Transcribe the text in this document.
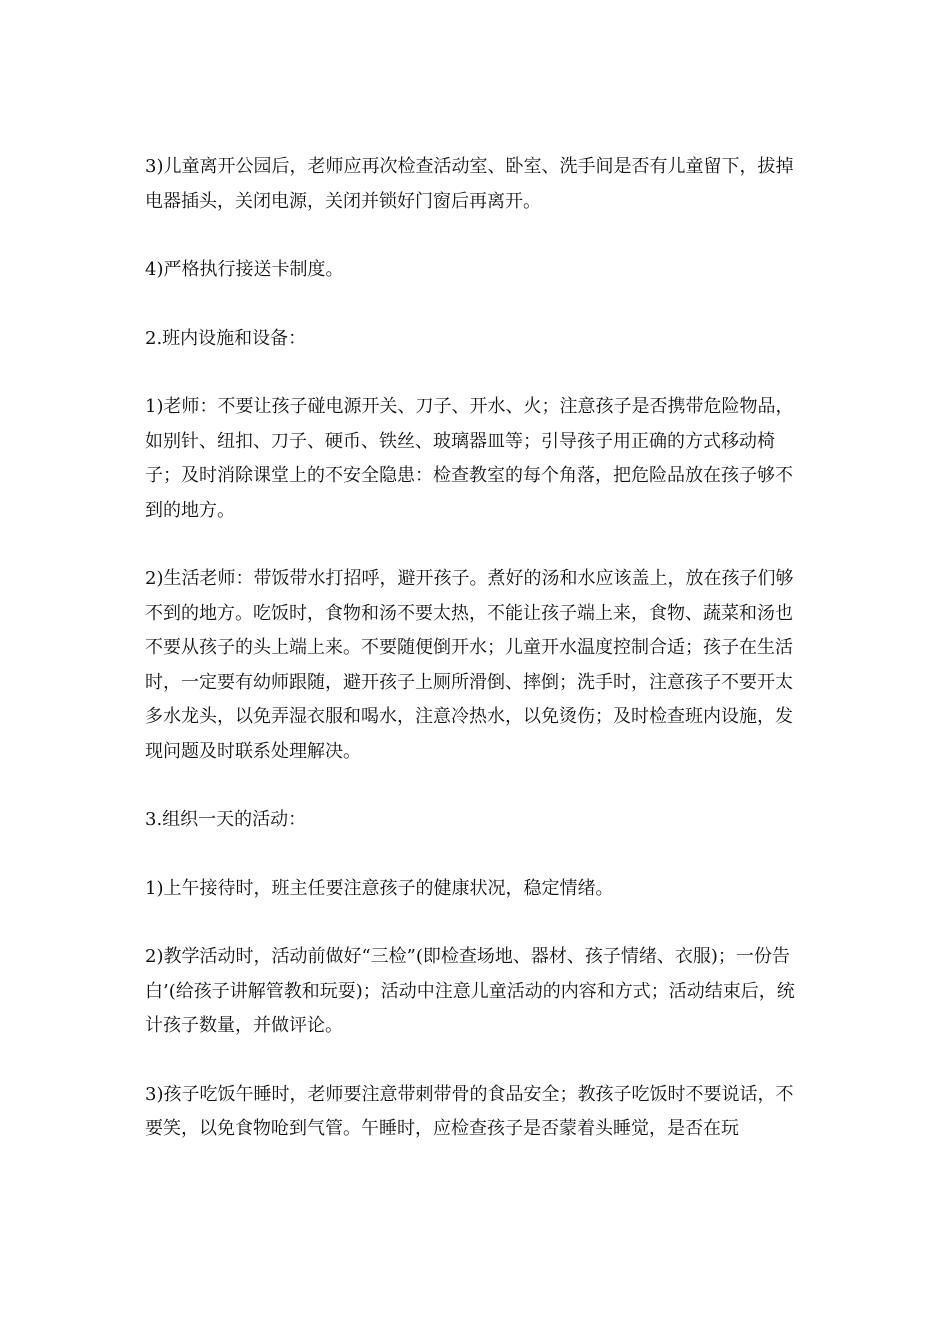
3)儿童离开公园后，老师应再次检查活动室、卧室、洗手间是否有儿童留下，拔掉电器插头，关闭电源，关闭并锁好门窗后再离开。

4)严格执行接送卡制度。

2.班内设施和设备：

1)老师：不要让孩子碰电源开关、刀子、开水、火；注意孩子是否携带危险物品，如别针、纽扣、刀子、硬币、铁丝、玻璃器皿等；引导孩子用正确的方式移动椅子；及时消除课堂上的不安全隐患：检查教室的每个角落，把危险品放在孩子够不到的地方。

2)生活老师：带饭带水打招呼，避开孩子。煮好的汤和水应该盖上，放在孩子们够不到的地方。吃饭时，食物和汤不要太热，不能让孩子端上来，食物、蔬菜和汤也不要从孩子的头上端上来。不要随便倒开水；儿童开水温度控制合适；孩子在生活时，一定要有幼师跟随，避开孩子上厕所滑倒、摔倒；洗手时，注意孩子不要开太多水龙头，以免弄湿衣服和喝水，注意冷热水，以免烫伤；及时检查班内设施，发现问题及时联系处理解决。

3.组织一天的活动：

1)上午接待时，班主任要注意孩子的健康状况，稳定情绪。

2)教学活动时，活动前做好“三检”(即检查场地、器材、孩子情绪、衣服)；一份告白’(给孩子讲解管教和玩耍)；活动中注意儿童活动的内容和方式；活动结束后，统计孩子数量，并做评论。

3)孩子吃饭午睡时，老师要注意带刺带骨的食品安全；教孩子吃饭时不要说话，不要笑，以免食物呛到气管。午睡时，应检查孩子是否蒙着头睡觉，是否在玩
